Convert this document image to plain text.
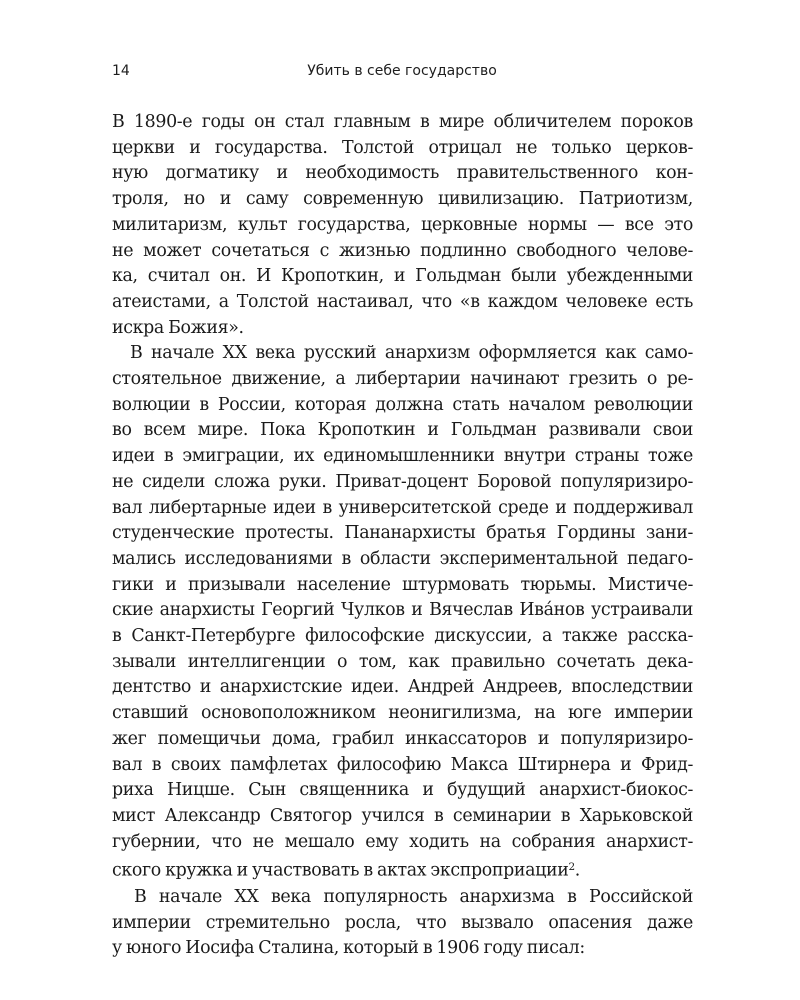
14	Убить в себе государство
В 1890-е годы он стал главным в мире обличителем пороков
церкви и государства. Толстой отрицал не только церков-
ную догматику и необходимость правительственного кон-
троля, но и саму современную цивилизацию. Патриотизм,
милитаризм, культ государства, церковные нормы — все это
не может сочетаться с жизнью подлинно свободного челове-
ка, считал он. И Кропоткин, и Гольдман были убежденными
атеистами, а Толстой настаивал, что «в каждом человеке есть
искра Божия».
В начале XX века русский анархизм оформляется как само-
стоятельное движение, а либертарии начинают грезить о ре-
волюции в России, которая должна стать началом революции
во всем мире. Пока Кропоткин и Гольдман развивали свои
идеи в эмиграции, их единомышленники внутри страны тоже
не сидели сложа руки. Приват-доцент Боровой популяризиро-
вал либертарные идеи в университетской среде и поддерживал
студенческие протесты. Пананархисты братья Гордины зани-
мались исследованиями в области экспериментальной педаго-
гики и призывали население штурмовать тюрьмы. Мистиче-
ские анархисты Георгий Чулков и Вячеслав Ива́нов устраивали
в Санкт-Петербурге философские дискуссии, а также расска-
зывали интеллигенции о том, как правильно сочетать дека-
дентство и анархистские идеи. Андрей Андреев, впоследствии
ставший основоположником неонигилизма, на юге империи
жег помещичьи дома, грабил инкассаторов и популяризиро-
вал в своих памфлетах философию Макса Штирнера и Фрид-
риха Ницше. Сын священника и будущий анархист-биокос-
мист Александр Святогор учился в семинарии в Харьковской
губернии, что не мешало ему ходить на собрания анархист-
ского кружка и участвовать в актах экспроприации$^2$.
В начале XX века популярность анархизма в Российской
империи стремительно росла, что вызвало опасения даже
у юного Иосифа Сталина, который в 1906 году писал:
